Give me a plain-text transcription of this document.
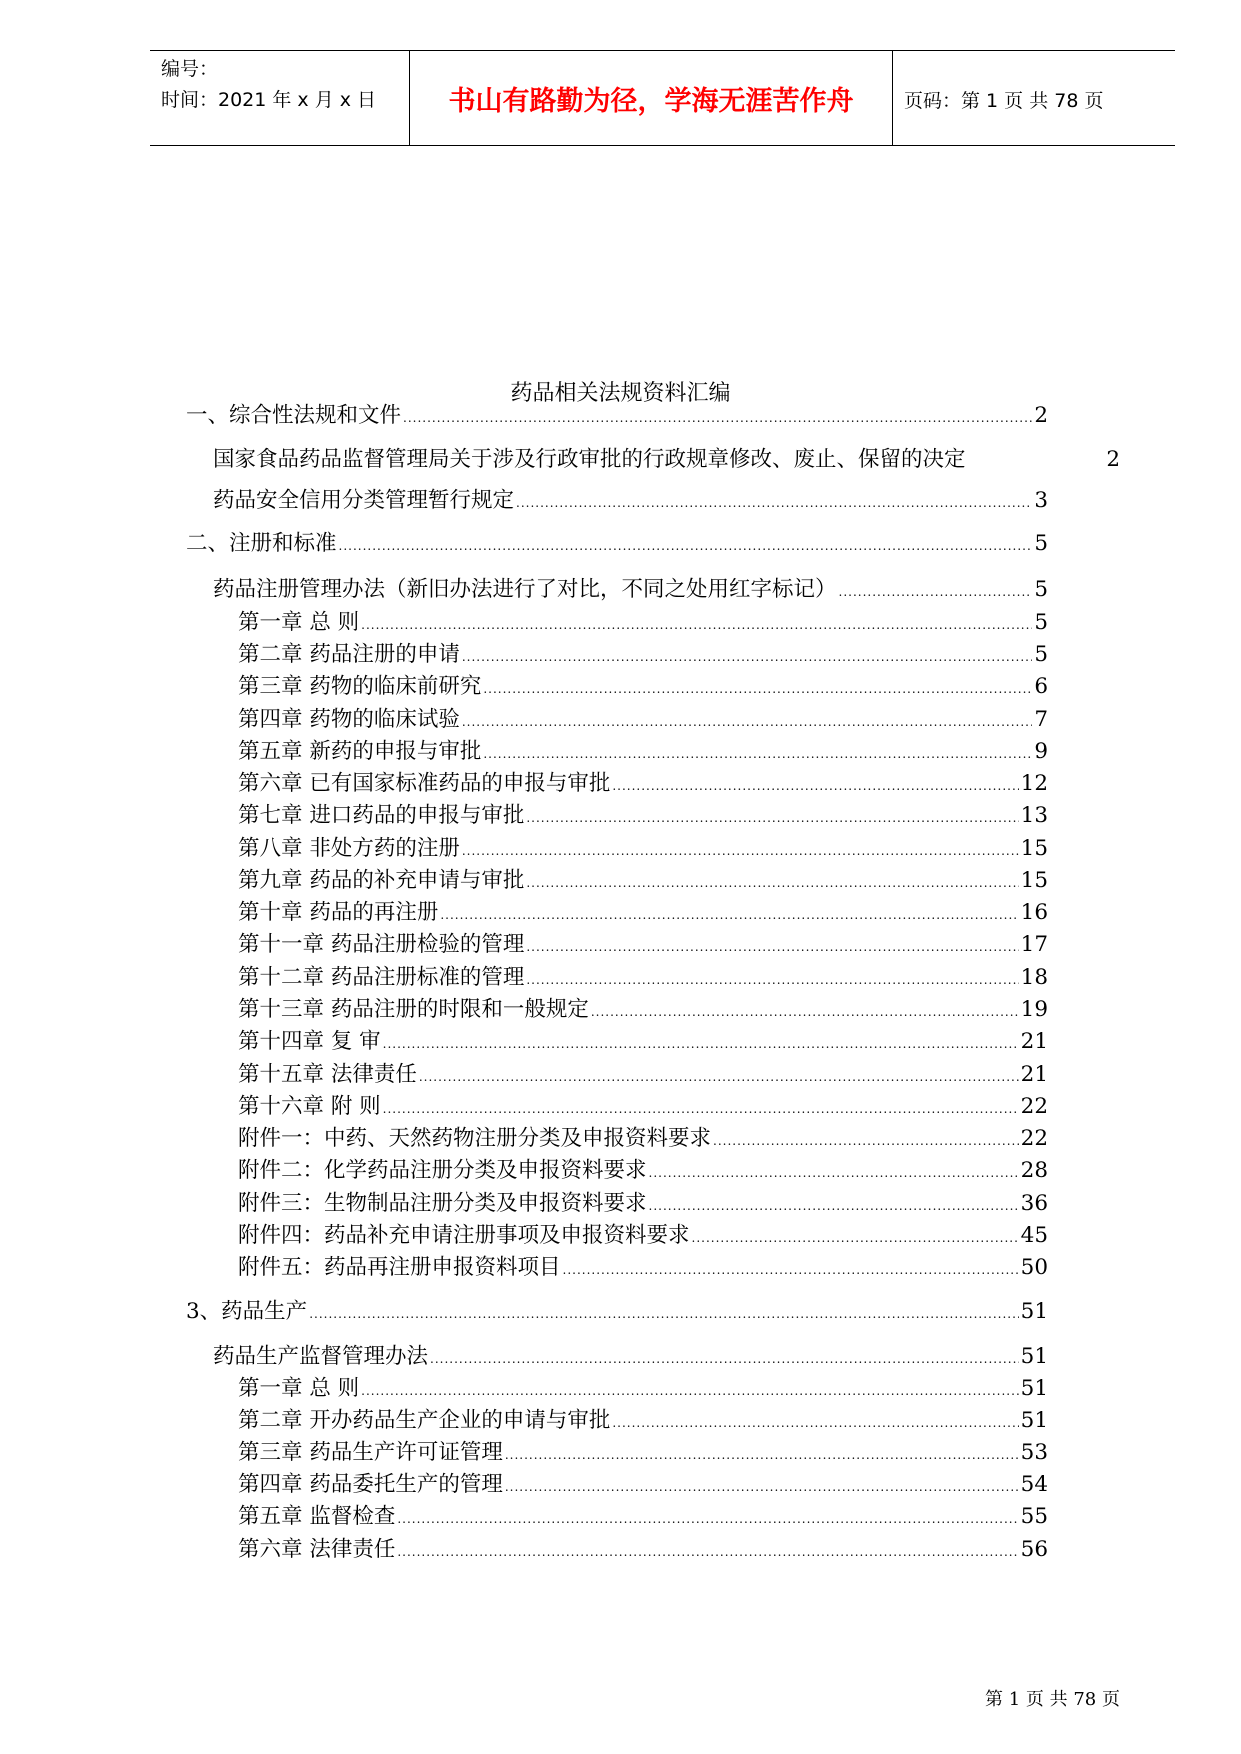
编号：
时间：2021 年 x 月 x 日	书山有路勤为径，学海无涯苦作舟	页码：第 1 页 共 78 页
药品相关法规资料汇编
一、综合性法规和文件 .....	2
国家食品药品监督管理局关于涉及行政审批的行政规章修改、废止、保留的决定	2
药品安全信用分类管理暂行规定 .....	3
二、注册和标准 .....	5
药品注册管理办法（新旧办法进行了对比，不同之处用红字标记） .....	5
第一章 总 则 .....	5
第二章 药品注册的申请 .....	5
第三章 药物的临床前研究 .....	6
第四章 药物的临床试验 .....	7
第五章 新药的申报与审批 .....	9
第六章 已有国家标准药品的申报与审批 .....	12
第七章 进口药品的申报与审批 .....	13
第八章 非处方药的注册 .....	15
第九章 药品的补充申请与审批 .....	15
第十章 药品的再注册 .....	16
第十一章 药品注册检验的管理 .....	17
第十二章 药品注册标准的管理 .....	18
第十三章 药品注册的时限和一般规定 .....	19
第十四章 复 审 .....	21
第十五章 法律责任 .....	21
第十六章 附 则 .....	22
附件一：中药、天然药物注册分类及申报资料要求 .....	22
附件二：化学药品注册分类及申报资料要求 .....	28
附件三：生物制品注册分类及申报资料要求 .....	36
附件四：药品补充申请注册事项及申报资料要求 .....	45
附件五：药品再注册申报资料项目 .....	50
3、药品生产 .....	51
药品生产监督管理办法 .....	51
第一章 总 则 .....	51
第二章 开办药品生产企业的申请与审批 .....	51
第三章 药品生产许可证管理 .....	53
第四章 药品委托生产的管理 .....	54
第五章 监督检查 .....	55
第六章 法律责任 .....	56
第 1 页 共 78 页
